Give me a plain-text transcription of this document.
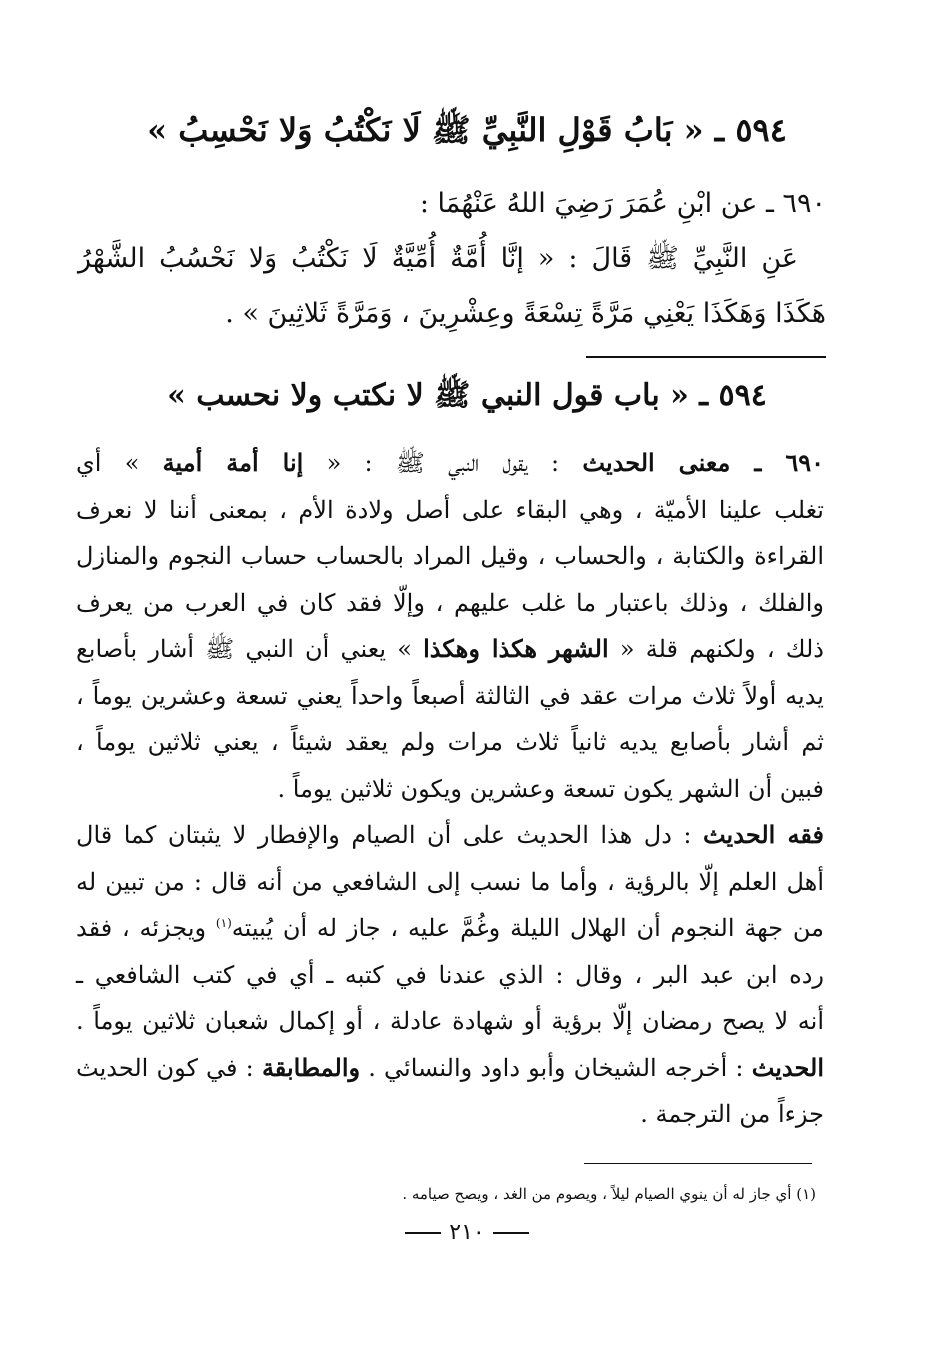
٥٩٤ ـ « بَابُ قَوْلِ النَّبِيِّ ﷺ لَا نَكْتُبُ وَلا نَحْسِبُ »
٦٩٠ ـ عن ابْنِ عُمَرَ رَضِيَ اللهُ عَنْهُمَا :
عَنِ النَّبِيِّ ﷺ قَالَ : « إنَّا أُمَّةٌ أُمِّيَّةٌ لَا نَكْتُبُ وَلا نَحْسُبُ الشَّهْرُ
هَكَذَا وَهَكَذَا يَعْنِي مَرَّةً تِسْعَةً وعِشْرِينَ ، وَمَرَّةً ثَلاثِينَ » .
٥٩٤ ـ « باب قول النبي ﷺ لا نكتب ولا نحسب »
٦٩٠ ـ معنى الحديث : يقول النبي ﷺ : « إنا أمة أمية » أي
تغلب علينا الأميّة ، وهي البقاء على أصل ولادة الأم ، بمعنى أننا لا نعرف
القراءة والكتابة ، والحساب ، وقيل المراد بالحساب حساب النجوم والمنازل
والفلك ، وذلك باعتبار ما غلب عليهم ، وإلّا فقد كان في العرب من يعرف
ذلك ، ولكنهم قلة « الشهر هكذا وهكذا » يعني أن النبي ﷺ أشار بأصابع
يديه أولاً ثلاث مرات عقد في الثالثة أصبعاً واحداً يعني تسعة وعشرين يوماً ،
ثم أشار بأصابع يديه ثانياً ثلاث مرات ولم يعقد شيئاً ، يعني ثلاثين يوماً ،
فبين أن الشهر يكون تسعة وعشرين ويكون ثلاثين يوماً .
فقه الحديث : دل هذا الحديث على أن الصيام والإفطار لا يثبتان كما قال
أهل العلم إلّا بالرؤية ، وأما ما نسب إلى الشافعي من أنه قال : من تبين له
من جهة النجوم أن الهلال الليلة وغُمَّ عليه ، جاز له أن يُبيته$^{(١)}$ ويجزئه ، فقد
رده ابن عبد البر ، وقال : الذي عندنا في كتبه ـ أي في كتب الشافعي ـ
أنه لا يصح رمضان إلّا برؤية أو شهادة عادلة ، أو إكمال شعبان ثلاثين يوماً .
الحديث : أخرجه الشيخان وأبو داود والنسائي . والمطابقة : في كون الحديث
جزءاً من الترجمة .
(١) أي جاز له أن ينوي الصيام ليلاً ، ويصوم من الغد ، ويصح صيامه .
٢١٠
